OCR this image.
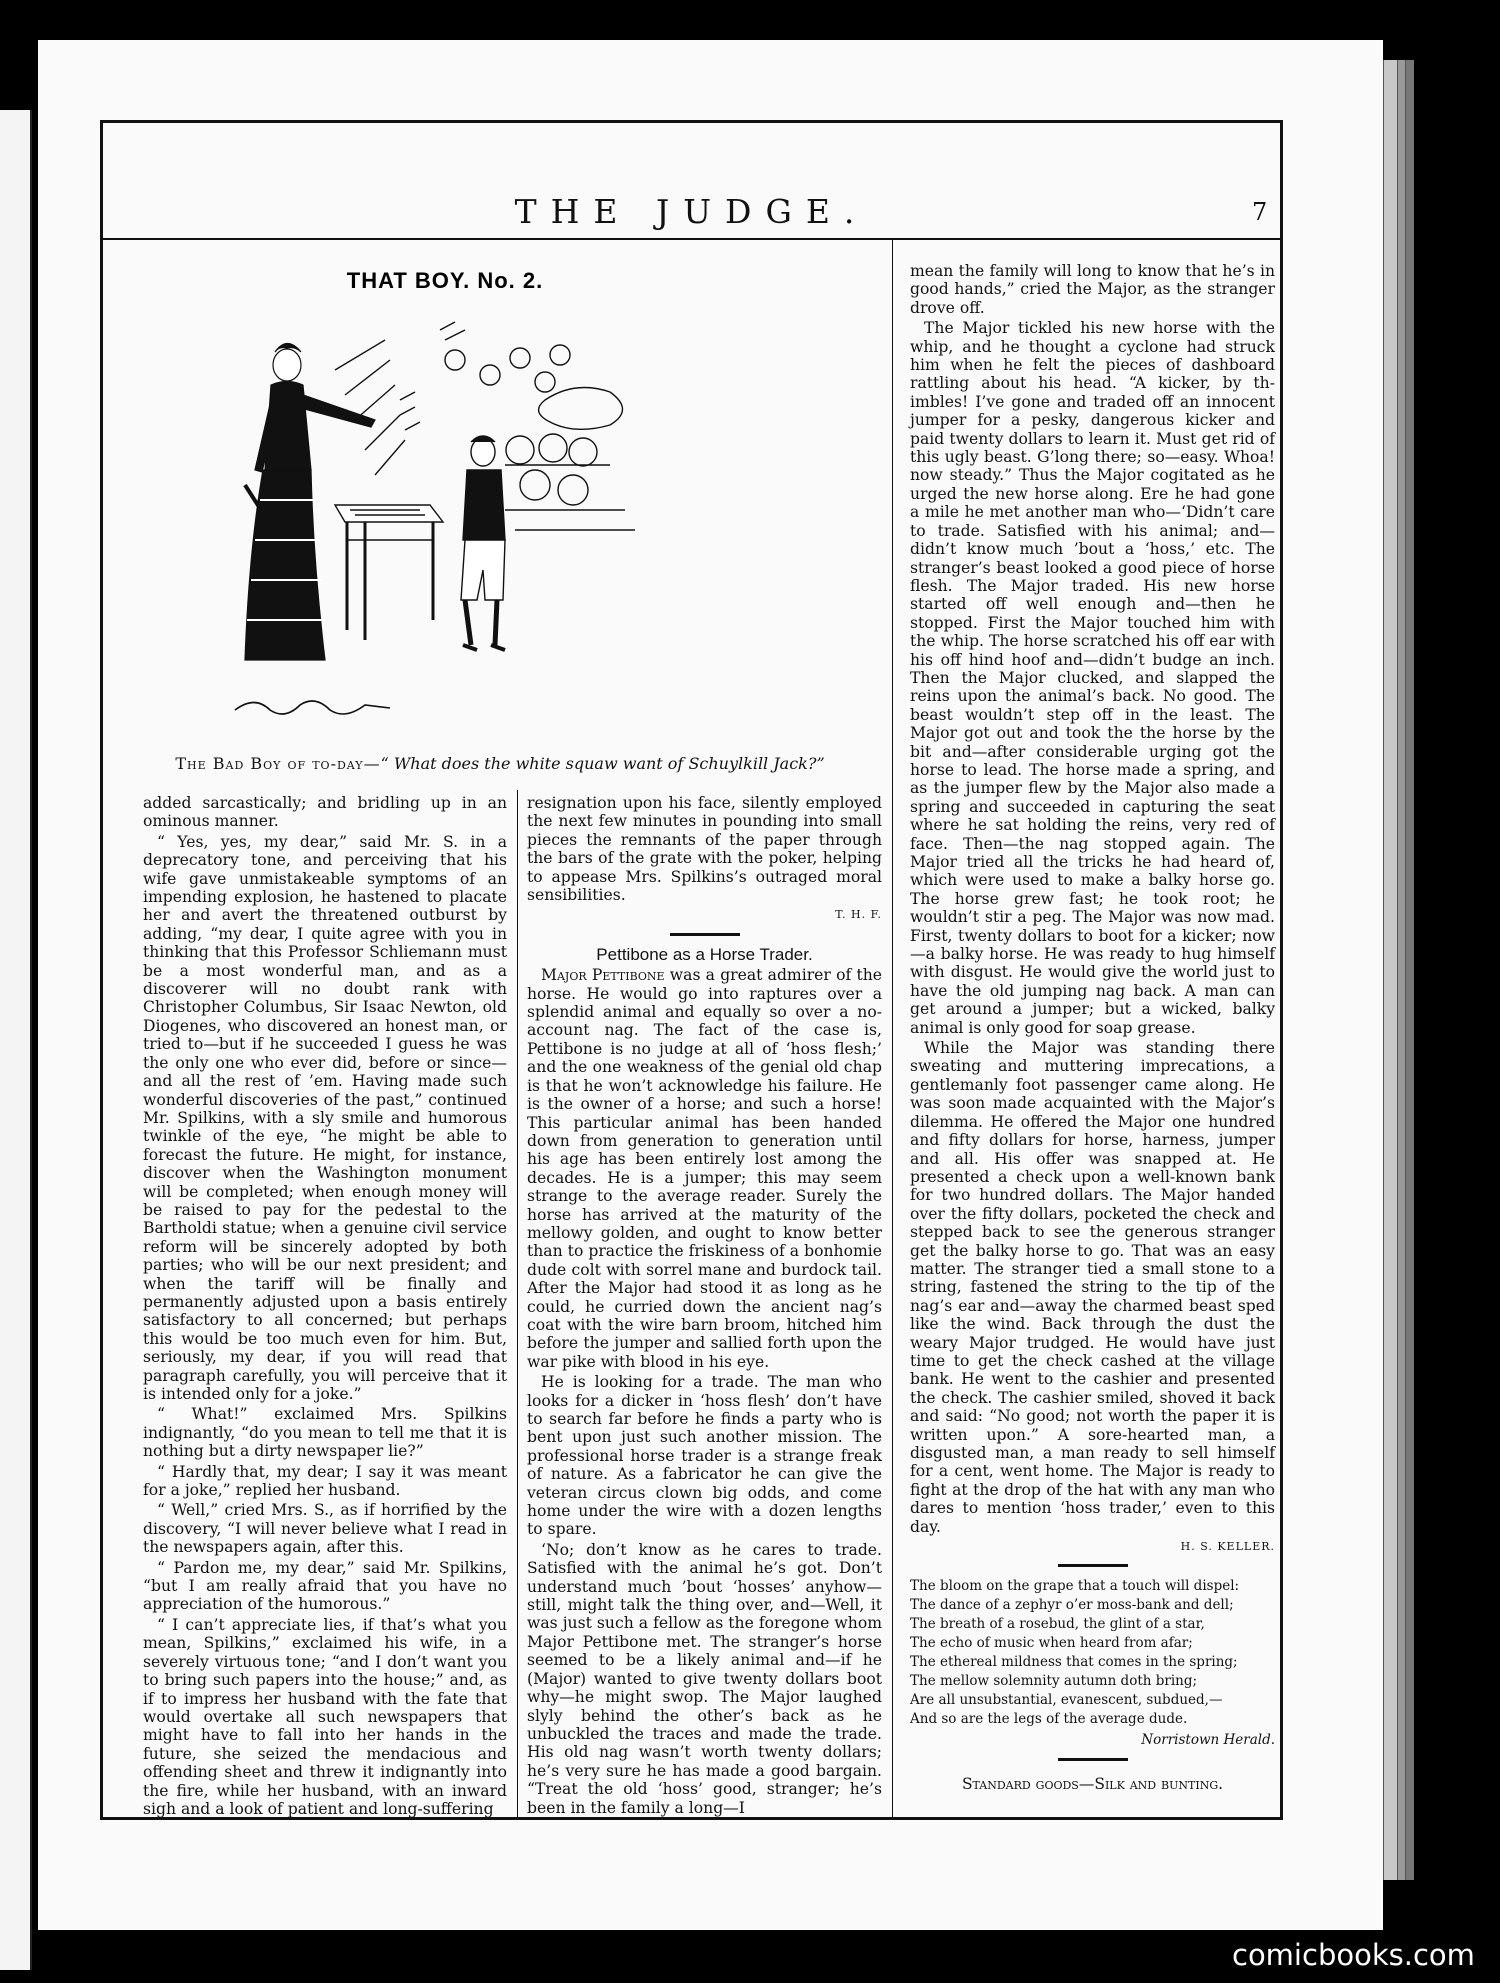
THE JUDGE.	7
THAT BOY. No. 2.
The Bad Boy of to-day—“ What does the white squaw want of Schuylkill Jack?”

added sarcastically; and bridling up in an ominous manner.

“ Yes, yes, my dear,” said Mr. S. in a deprecatory tone, and perceiving that his wife gave unmistakeable symptoms of an impending explosion, he hastened to placate her and avert the threatened outburst by adding, “my dear, I quite agree with you in thinking that this Professor Schliemann must be a most wonderful man, and as a discoverer will no doubt rank with Christopher Columbus, Sir Isaac Newton, old Diogenes, who discovered an honest man, or tried to—but if he succeeded I guess he was the only one who ever did, before or since—and all the rest of ’em. Having made such wonderful discoveries of the past,” continued Mr. Spilkins, with a sly smile and humorous twinkle of the eye, “he might be able to forecast the future. He might, for instance, discover when the Washington monument will be completed; when enough money will be raised to pay for the pedestal to the Bartholdi statue; when a genuine civil service reform will be sincerely adopted by both parties; who will be our next president; and when the tariff will be finally and permanently adjusted upon a basis entirely satisfactory to all concerned; but perhaps this would be too much even for him. But, seriously, my dear, if you will read that paragraph carefully, you will perceive that it is intended only for a joke.”

“ What!” exclaimed Mrs. Spilkins indignantly, “do you mean to tell me that it is nothing but a dirty newspaper lie?”

“ Hardly that, my dear; I say it was meant for a joke,” replied her husband.

“ Well,” cried Mrs. S., as if horrified by the discovery, “I will never believe what I read in the newspapers again, after this.

“ Pardon me, my dear,” said Mr. Spilkins, “but I am really afraid that you have no appreciation of the humorous.”

“ I can’t appreciate lies, if that’s what you mean, Spilkins,” exclaimed his wife, in a severely virtuous tone; “and I don’t want you to bring such papers into the house;” and, as if to impress her husband with the fate that would overtake all such newspapers that might have to fall into her hands in the future, she seized the mendacious and offending sheet and threw it indignantly into the fire, while her husband, with an inward sigh and a look of patient and long-suffering

resignation upon his face, silently employed the next few minutes in pounding into small pieces the remnants of the paper through the bars of the grate with the poker, helping to appease Mrs. Spilkins’s outraged moral sensibilities.

T. H. F.

Pettibone as a Horse Trader.

Major Pettibone was a great admirer of the horse. He would go into raptures over a splendid animal and equally so over a no-account nag. The fact of the case is, Pettibone is no judge at all of ‘hoss flesh;’ and the one weakness of the genial old chap is that he won’t acknowledge his failure. He is the owner of a horse; and such a horse! This particular animal has been handed down from generation to generation until his age has been entirely lost among the decades. He is a jumper; this may seem strange to the average reader. Surely the horse has arrived at the maturity of the mellowy golden, and ought to know better than to practice the friskiness of a bonhomie dude colt with sorrel mane and burdock tail. After the Major had stood it as long as he could, he curried down the ancient nag’s coat with the wire barn broom, hitched him before the jumper and sallied forth upon the war pike with blood in his eye.

He is looking for a trade. The man who looks for a dicker in ‘hoss flesh’ don’t have to search far before he finds a party who is bent upon just such another mission. The professional horse trader is a strange freak of nature. As a fabricator he can give the veteran circus clown big odds, and come home under the wire with a dozen lengths to spare.

‘No; don’t know as he cares to trade. Satisfied with the animal he’s got. Don’t understand much ’bout ‘hosses’ anyhow—still, might talk the thing over, and—Well, it was just such a fellow as the foregone whom Major Pettibone met. The stranger’s horse seemed to be a likely animal and—if he (Major) wanted to give twenty dollars boot why—he might swop. The Major laughed slyly behind the other’s back as he unbuckled the traces and made the trade. His old nag wasn’t worth twenty dollars; he’s very sure he has made a good bargain. “Treat the old ‘hoss’ good, stranger; he’s been in the family a long—I

mean the family will long to know that he’s in good hands,” cried the Major, as the stranger drove off.

The Major tickled his new horse with the whip, and he thought a cyclone had struck him when he felt the pieces of dashboard rattling about his head. “A kicker, by th-imbles! I’ve gone and traded off an innocent jumper for a pesky, dangerous kicker and paid twenty dollars to learn it. Must get rid of this ugly beast. G’long there; so—easy. Whoa! now steady.” Thus the Major cogitated as he urged the new horse along. Ere he had gone a mile he met another man who—‘Didn’t care to trade. Satisfied with his animal; and—didn’t know much ’bout a ‘hoss,’ etc. The stranger’s beast looked a good piece of horse flesh. The Major traded. His new horse started off well enough and—then he stopped. First the Major touched him with the whip. The horse scratched his off ear with his off hind hoof and—didn’t budge an inch. Then the Major clucked, and slapped the reins upon the animal’s back. No good. The beast wouldn’t step off in the least. The Major got out and took the the horse by the bit and—after considerable urging got the horse to lead. The horse made a spring, and as the jumper flew by the Major also made a spring and succeeded in capturing the seat where he sat holding the reins, very red of face. Then—the nag stopped again. The Major tried all the tricks he had heard of, which were used to make a balky horse go. The horse grew fast; he took root; he wouldn’t stir a peg. The Major was now mad. First, twenty dollars to boot for a kicker; now—a balky horse. He was ready to hug himself with disgust. He would give the world just to have the old jumping nag back. A man can get around a jumper; but a wicked, balky animal is only good for soap grease.

While the Major was standing there sweating and muttering imprecations, a gentlemanly foot passenger came along. He was soon made acquainted with the Major’s dilemma. He offered the Major one hundred and fifty dollars for horse, harness, jumper and all. His offer was snapped at. He presented a check upon a well-known bank for two hundred dollars. The Major handed over the fifty dollars, pocketed the check and stepped back to see the generous stranger get the balky horse to go. That was an easy matter. The stranger tied a small stone to a string, fastened the string to the tip of the nag’s ear and—away the charmed beast sped like the wind. Back through the dust the weary Major trudged. He would have just time to get the check cashed at the village bank. He went to the cashier and presented the check. The cashier smiled, shoved it back and said: “No good; not worth the paper it is written upon.” A sore-hearted man, a disgusted man, a man ready to sell himself for a cent, went home. The Major is ready to fight at the drop of the hat with any man who dares to mention ‘hoss trader,’ even to this day.

H. S. KELLER.
The bloom on the grape that a touch will dispel:
The dance of a zephyr o’er moss-bank and dell;
The breath of a rosebud, the glint of a star,
The echo of music when heard from afar;
The ethereal mildness that comes in the spring;
The mellow solemnity autumn doth bring;
Are all unsubstantial, evanescent, subdued,—
And so are the legs of the average dude.
Norristown Herald.
Standard goods—Silk and bunting.
comicbooks.com
